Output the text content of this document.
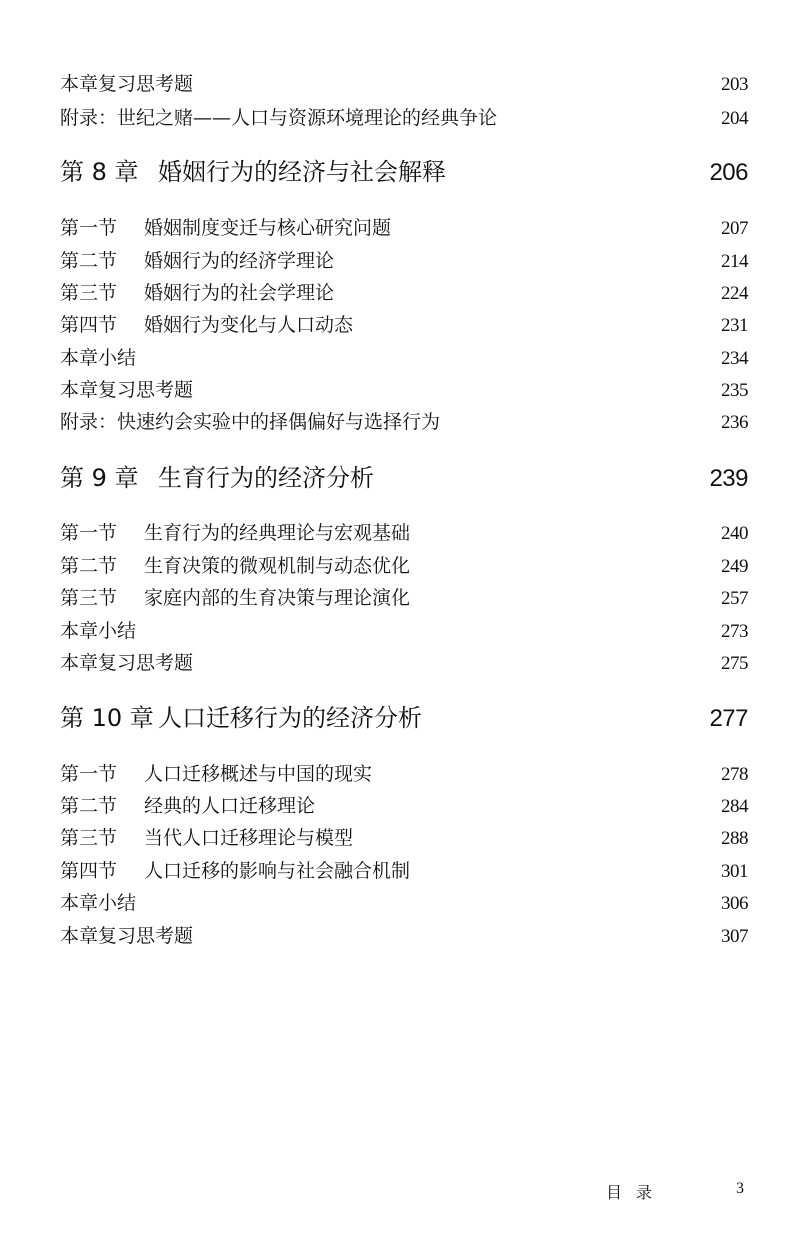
本章复习思考题	203
附录：世纪之赌——人口与资源环境理论的经典争论	204
第 8 章 婚姻行为的经济与社会解释	206
第一节	婚姻制度变迁与核心研究问题	207
第二节	婚姻行为的经济学理论	214
第三节	婚姻行为的社会学理论	224
第四节	婚姻行为变化与人口动态	231
本章小结	234
本章复习思考题	235
附录：快速约会实验中的择偶偏好与选择行为	236
第 9 章 生育行为的经济分析	239
第一节	生育行为的经典理论与宏观基础	240
第二节	生育决策的微观机制与动态优化	249
第三节	家庭内部的生育决策与理论演化	257
本章小结	273
本章复习思考题	275
第 10 章 人口迁移行为的经济分析	277
第一节	人口迁移概述与中国的现实	278
第二节	经典的人口迁移理论	284
第三节	当代人口迁移理论与模型	288
第四节	人口迁移的影响与社会融合机制	301
本章小结	306
本章复习思考题	307
目录	3
